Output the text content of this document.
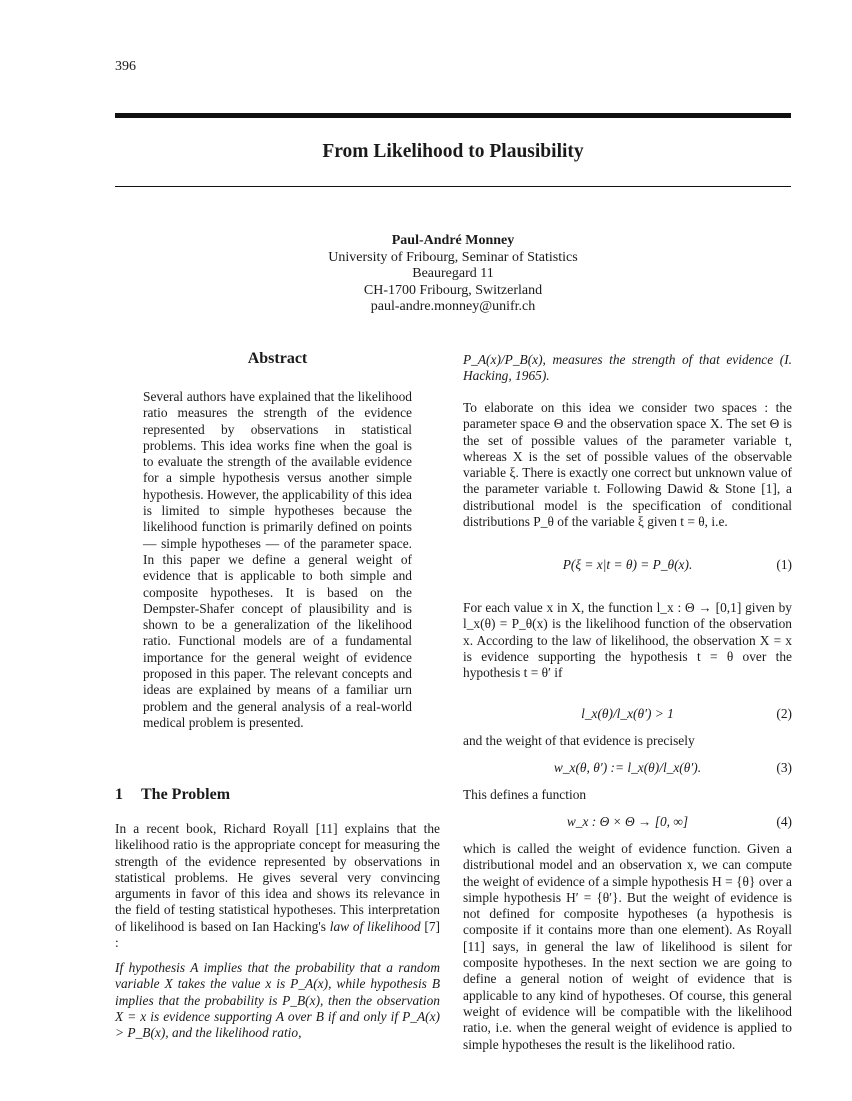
396
From Likelihood to Plausibility
Paul-André Monney
University of Fribourg, Seminar of Statistics
Beauregard 11
CH-1700 Fribourg, Switzerland
paul-andre.monney@unifr.ch
Abstract
Several authors have explained that the likelihood ratio measures the strength of the evidence represented by observations in statistical problems. This idea works fine when the goal is to evaluate the strength of the available evidence for a simple hypothesis versus another simple hypothesis. However, the applicability of this idea is limited to simple hypotheses because the likelihood function is primarily defined on points — simple hypotheses — of the parameter space. In this paper we define a general weight of evidence that is applicable to both simple and composite hypotheses. It is based on the Dempster-Shafer concept of plausibility and is shown to be a generalization of the likelihood ratio. Functional models are of a fundamental importance for the general weight of evidence proposed in this paper. The relevant concepts and ideas are explained by means of a familiar urn problem and the general analysis of a real-world medical problem is presented.
1 The Problem
In a recent book, Richard Royall [11] explains that the likelihood ratio is the appropriate concept for measuring the strength of the evidence represented by observations in statistical problems. He gives several very convincing arguments in favor of this idea and shows its relevance in the field of testing statistical hypotheses. This interpretation of likelihood is based on Ian Hacking's law of likelihood [7] :
If hypothesis A implies that the probability that a random variable X takes the value x is P_A(x), while hypothesis B implies that the probability is P_B(x), then the observation X = x is evidence supporting A over B if and only if P_A(x) > P_B(x), and the likelihood ratio,
P_A(x)/P_B(x), measures the strength of that evidence (I. Hacking, 1965).
To elaborate on this idea we consider two spaces : the parameter space Θ and the observation space X. The set Θ is the set of possible values of the parameter variable t, whereas X is the set of possible values of the observable variable ξ. There is exactly one correct but unknown value of the parameter variable t. Following Dawid & Stone [1], a distributional model is the specification of conditional distributions P_θ of the variable ξ given t = θ, i.e.
P(ξ = x|t = θ) = P_θ(x).	(1)
For each value x in X, the function l_x : Θ → [0,1] given by l_x(θ) = P_θ(x) is the likelihood function of the observation x. According to the law of likelihood, the observation X = x is evidence supporting the hypothesis t = θ over the hypothesis t = θ′ if
l_x(θ)/l_x(θ′) > 1	(2)
and the weight of that evidence is precisely
w_x(θ, θ′) := l_x(θ)/l_x(θ′).	(3)
This defines a function
w_x : Θ × Θ → [0, ∞]	(4)
which is called the weight of evidence function. Given a distributional model and an observation x, we can compute the weight of evidence of a simple hypothesis H = {θ} over a simple hypothesis H′ = {θ′}. But the weight of evidence is not defined for composite hypotheses (a hypothesis is composite if it contains more than one element). As Royall [11] says, in general the law of likelihood is silent for composite hypotheses. In the next section we are going to define a general notion of weight of evidence that is applicable to any kind of hypotheses. Of course, this general weight of evidence will be compatible with the likelihood ratio, i.e. when the general weight of evidence is applied to simple hypotheses the result is the likelihood ratio.
